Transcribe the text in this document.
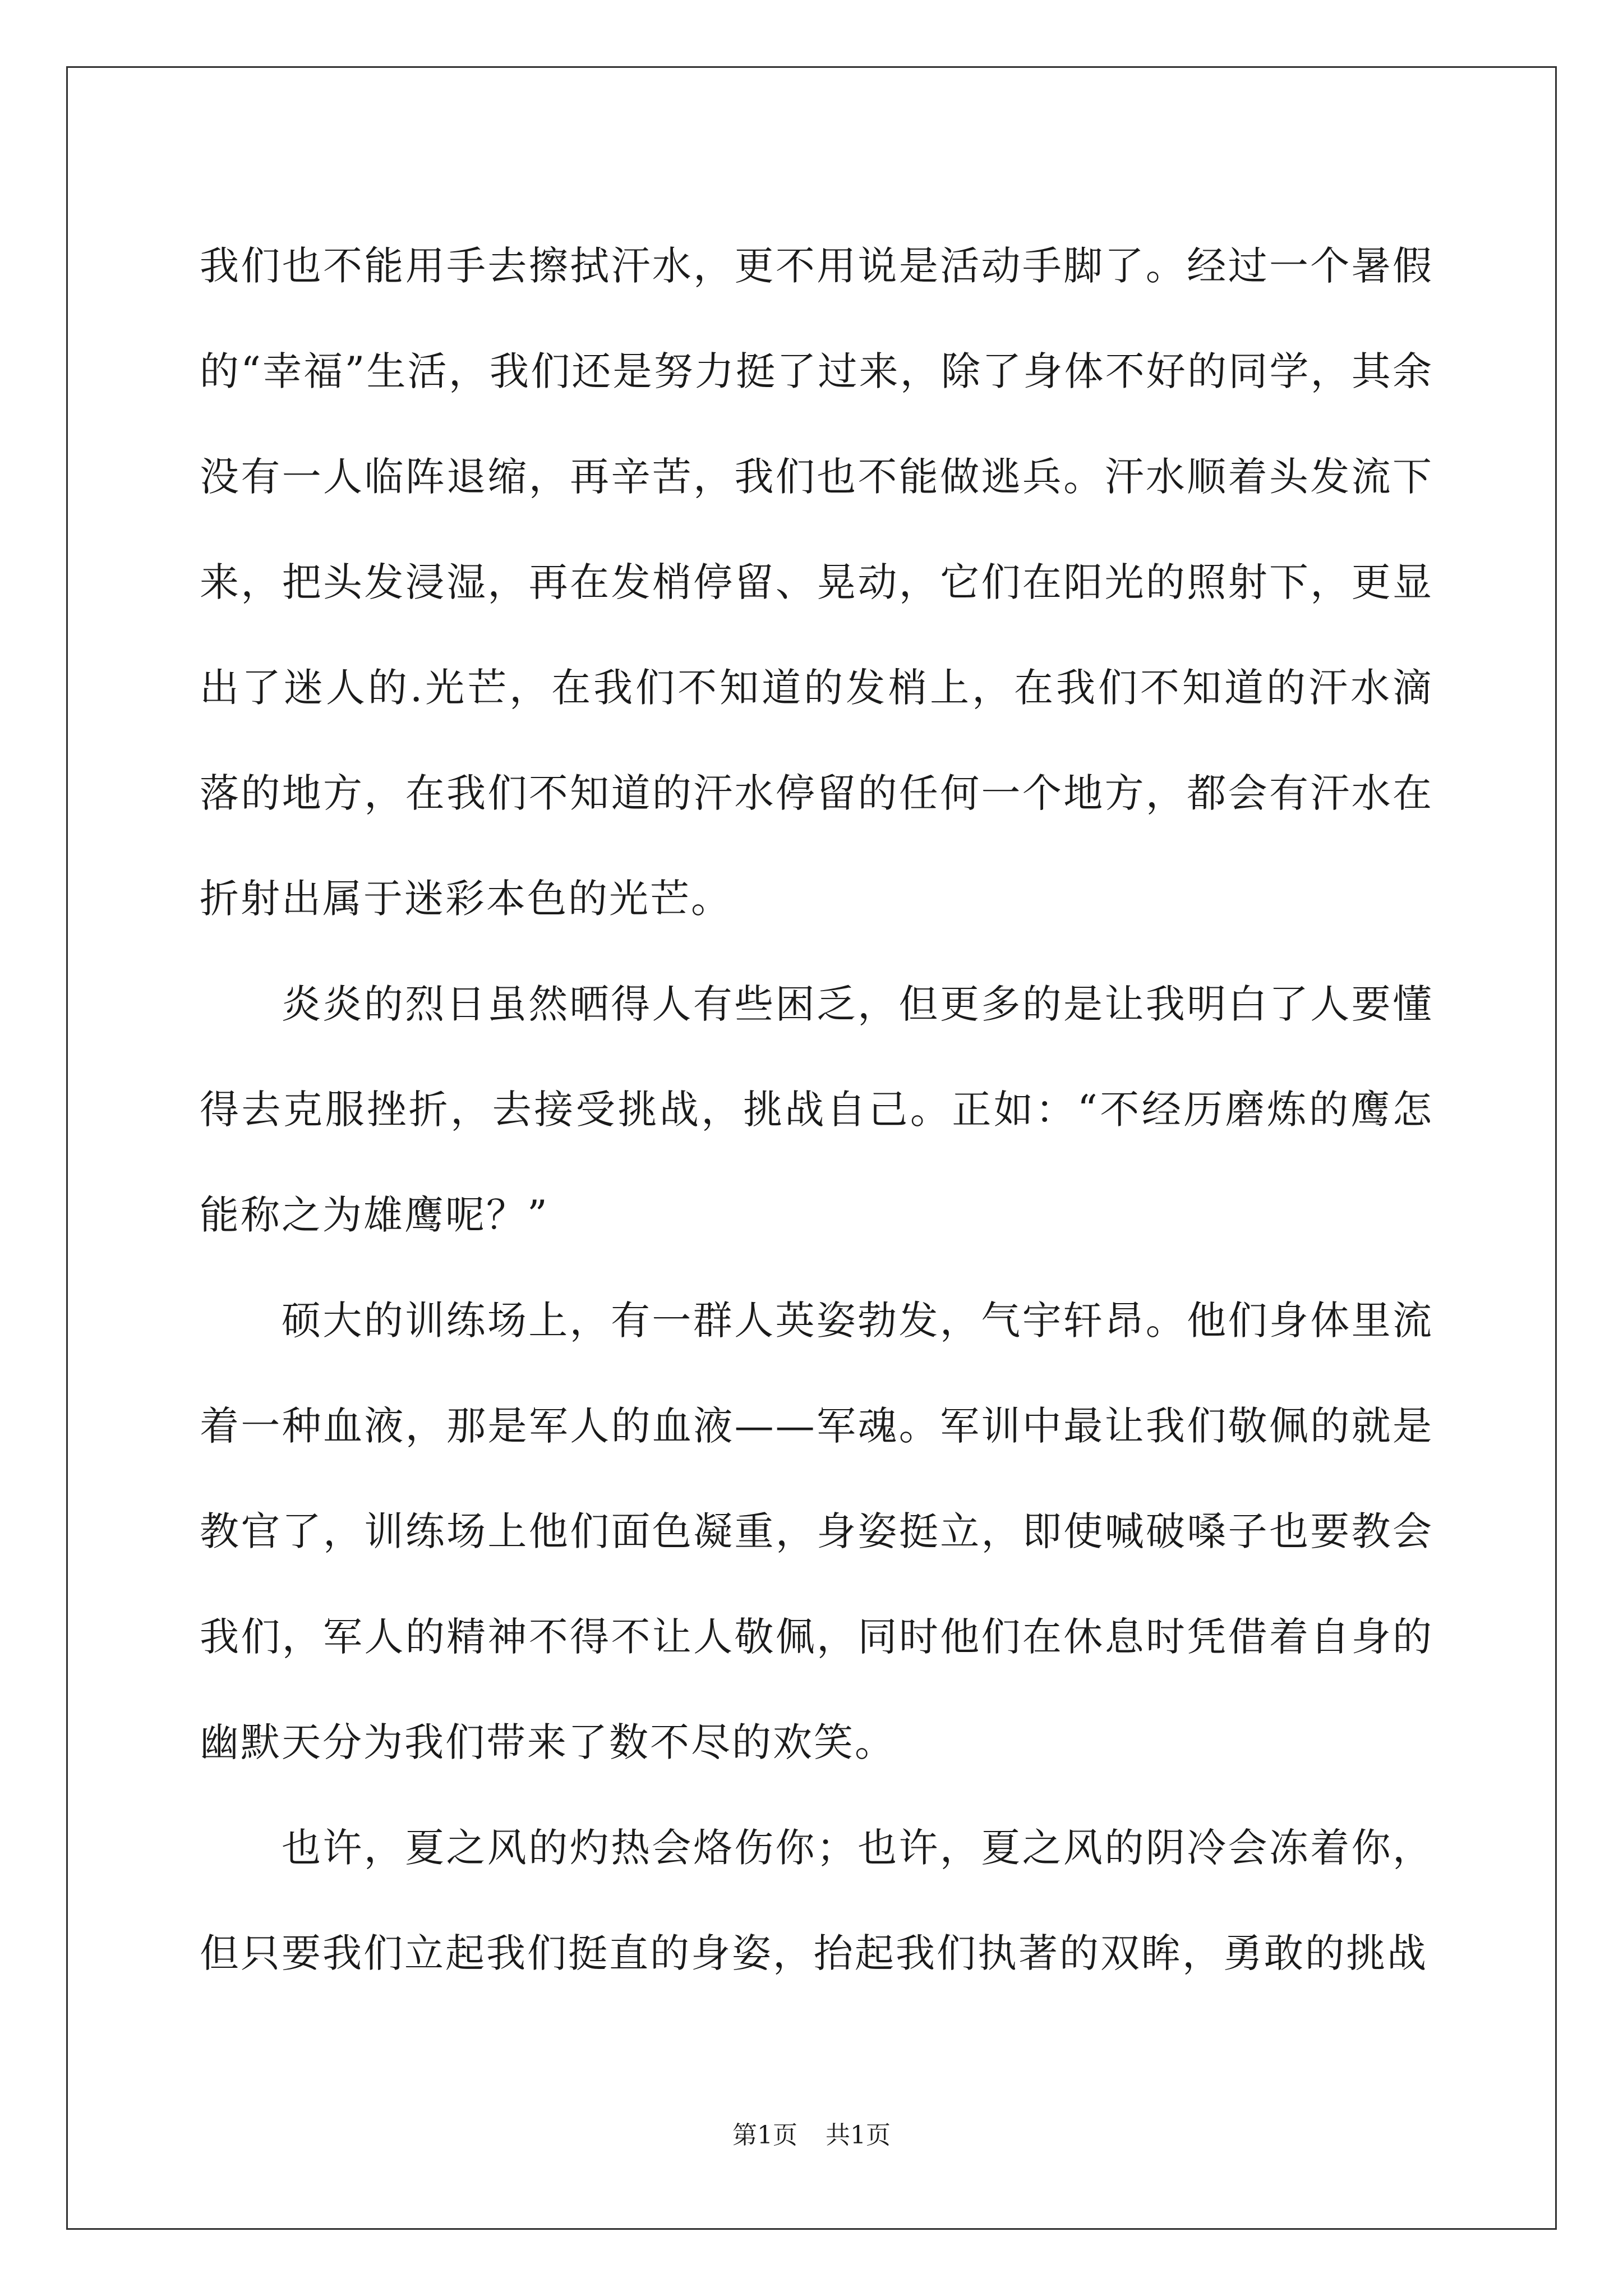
我们也不能用手去擦拭汗水，更不用说是活动手脚了。经过一个暑假的“幸福”生活，我们还是努力挺了过来，除了身体不好的同学，其余没有一人临阵退缩，再辛苦，我们也不能做逃兵。汗水顺着头发流下来，把头发浸湿，再在发梢停留、晃动，它们在阳光的照射下，更显出了迷人的.光芒，在我们不知道的发梢上，在我们不知道的汗水滴落的地方，在我们不知道的汗水停留的任何一个地方，都会有汗水在折射出属于迷彩本色的光芒。

炎炎的烈日虽然晒得人有些困乏，但更多的是让我明白了人要懂得去克服挫折，去接受挑战，挑战自己。正如：“不经历磨炼的鹰怎能称之为雄鹰呢？”

硕大的训练场上，有一群人英姿勃发，气宇轩昂。他们身体里流着一种血液，那是军人的血液——军魂。军训中最让我们敬佩的就是教官了，训练场上他们面色凝重，身姿挺立，即使喊破嗓子也要教会我们，军人的精神不得不让人敬佩，同时他们在休息时凭借着自身的幽默天分为我们带来了数不尽的欢笑。

也许，夏之风的灼热会烙伤你；也许，夏之风的阴冷会冻着你，但只要我们立起我们挺直的身姿，抬起我们执著的双眸，勇敢的挑战

第1页 共1页
